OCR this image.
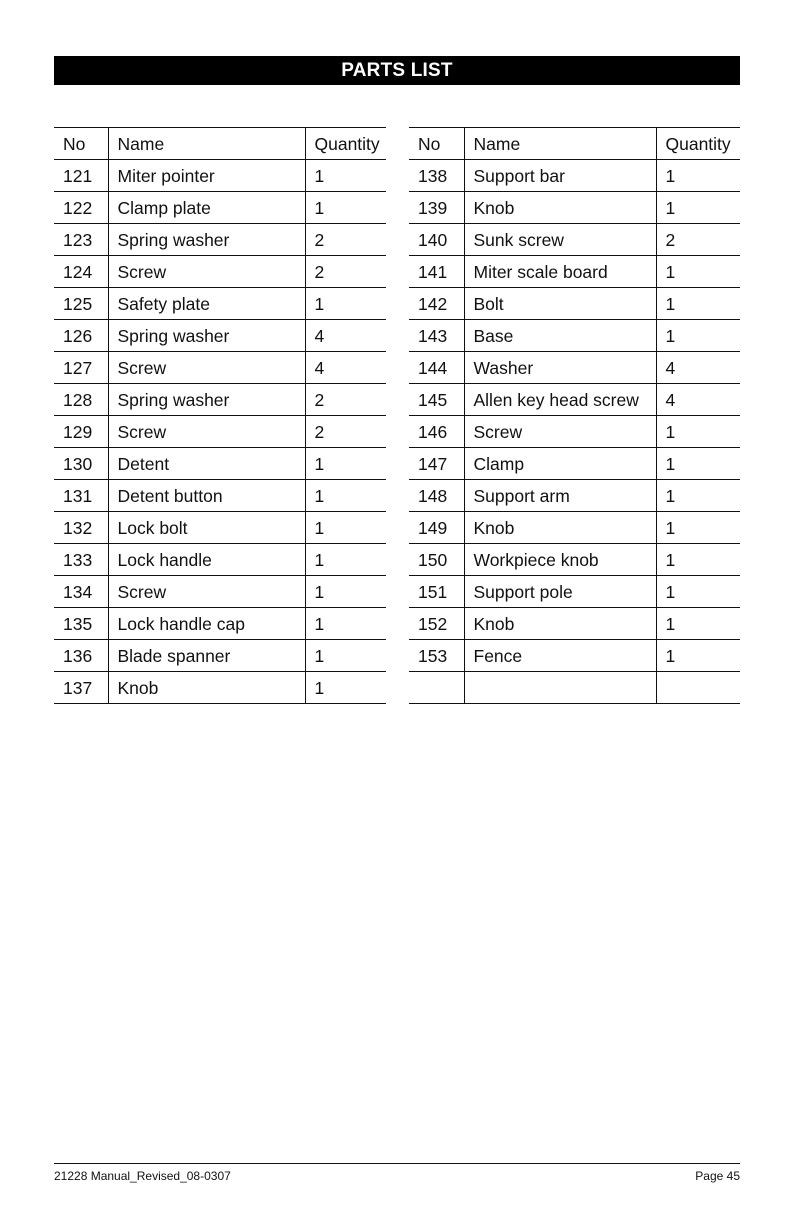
PARTS LIST
No	Name	Quantity
121	Miter pointer	1
122	Clamp plate	1
123	Spring washer	2
124	Screw	2
125	Safety plate	1
126	Spring washer	4
127	Screw	4
128	Spring washer	2
129	Screw	2
130	Detent	1
131	Detent button	1
132	Lock bolt	1
133	Lock handle	1
134	Screw	1
135	Lock handle cap	1
136	Blade spanner	1
137	Knob	1
No	Name	Quantity
138	Support bar	1
139	Knob	1
140	Sunk screw	2
141	Miter scale board	1
142	Bolt	1
143	Base	1
144	Washer	4
145	Allen key head screw	4
146	Screw	1
147	Clamp	1
148	Support arm	1
149	Knob	1
150	Workpiece knob	1
151	Support pole	1
152	Knob	1
153	Fence	1

21228 Manual_Revised_08-0307	Page 45
